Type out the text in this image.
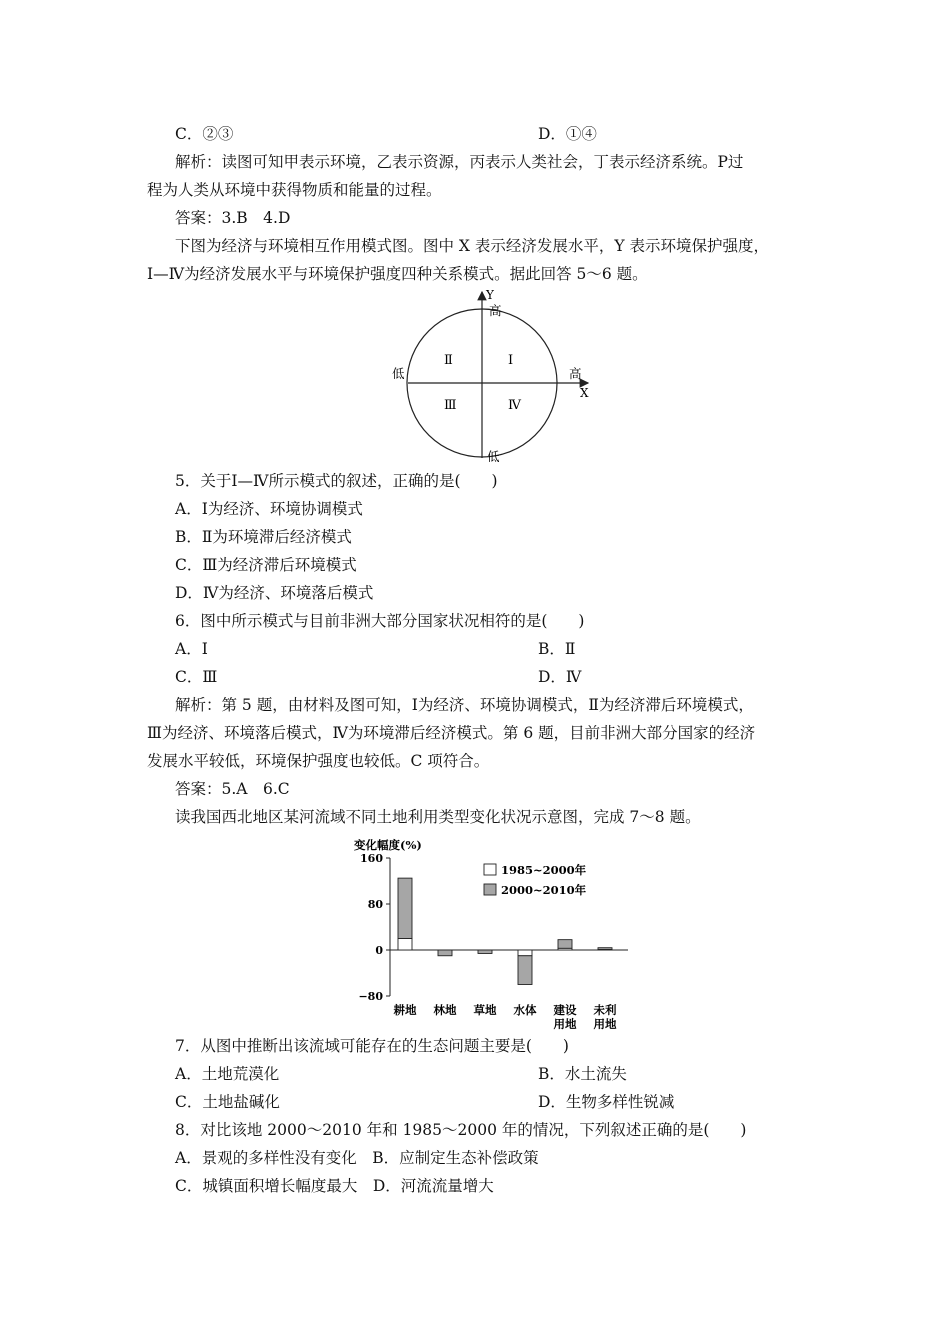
C．②③	D．①④
解析：读图可知甲表示环境，乙表示资源，丙表示人类社会，丁表示经济系统。P过
程为人类从环境中获得物质和能量的过程。
答案：3.B　4.D
下图为经济与环境相互作用模式图。图中 X 表示经济发展水平，Y 表示环境保护强度，
Ⅰ—Ⅳ为经济发展水平与环境保护强度四种关系模式。据此回答 5～6 题。
Y
X
高
低
低	高
Ⅰ
Ⅱ
Ⅲ	Ⅳ
5．关于Ⅰ—Ⅳ所示模式的叙述，正确的是(　　)
A．Ⅰ为经济、环境协调模式
B．Ⅱ为环境滞后经济模式
C．Ⅲ为经济滞后环境模式
D．Ⅳ为经济、环境落后模式
6．图中所示模式与目前非洲大部分国家状况相符的是(　　)
A．Ⅰ	B．Ⅱ
C．Ⅲ	D．Ⅳ
解析：第 5 题，由材料及图可知，Ⅰ为经济、环境协调模式，Ⅱ为经济滞后环境模式，
Ⅲ为经济、环境落后模式，Ⅳ为环境滞后经济模式。第 6 题，目前非洲大部分国家的经济
发展水平较低，环境保护强度也较低。C 项符合。
答案：5.A　6.C
读我国西北地区某河流域不同土地利用类型变化状况示意图，完成 7～8 题。
变化幅度(%)
160
80
0
−80
1985~2000年
2000~2010年
耕地 林地 草地 水体 建设
用地
未利
用地
7．从图中推断出该流域可能存在的生态问题主要是(　　)
A．土地荒漠化	B．水土流失
C．土地盐碱化	D．生物多样性锐减
8．对比该地 2000～2010 年和 1985～2000 年的情况，下列叙述正确的是(　　)
A．景观的多样性没有变化　B．应制定生态补偿政策
C．城镇面积增长幅度最大　D．河流流量增大
